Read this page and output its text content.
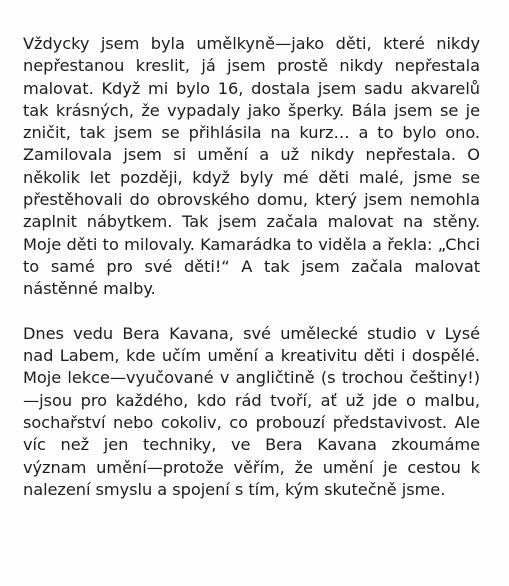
Vždycky jsem byla umělkyně—jako děti, které nikdy nepřestanou kreslit, já jsem prostě nikdy nepřestala malovat. Když mi bylo 16, dostala jsem sadu akvarelů tak krásných, že vypadaly jako šperky. Bála jsem se je zničit, tak jsem se přihlásila na kurz… a to bylo ono. Zamilovala jsem si umění a už nikdy nepřestala. O několik let později, když byly mé děti malé, jsme se přestěhovali do obrovského domu, který jsem nemohla zaplnit nábytkem. Tak jsem začala malovat na stěny. Moje děti to milovaly. Kamarádka to viděla a řekla: „Chci to samé pro své děti!“ A tak jsem začala malovat nástěnné malby.

Dnes vedu Bera Kavana, své umělecké studio v Lysé nad Labem, kde učím umění a kreativitu děti i dospělé. Moje lekce—vyučované v angličtině (s trochou češtiny!)—jsou pro každého, kdo rád tvoří, ať už jde o malbu, sochařství nebo cokoliv, co probouzí představivost. Ale víc než jen techniky, ve Bera Kavana zkoumáme význam umění—protože věřím, že umění je cestou k nalezení smyslu a spojení s tím, kým skutečně jsme.
